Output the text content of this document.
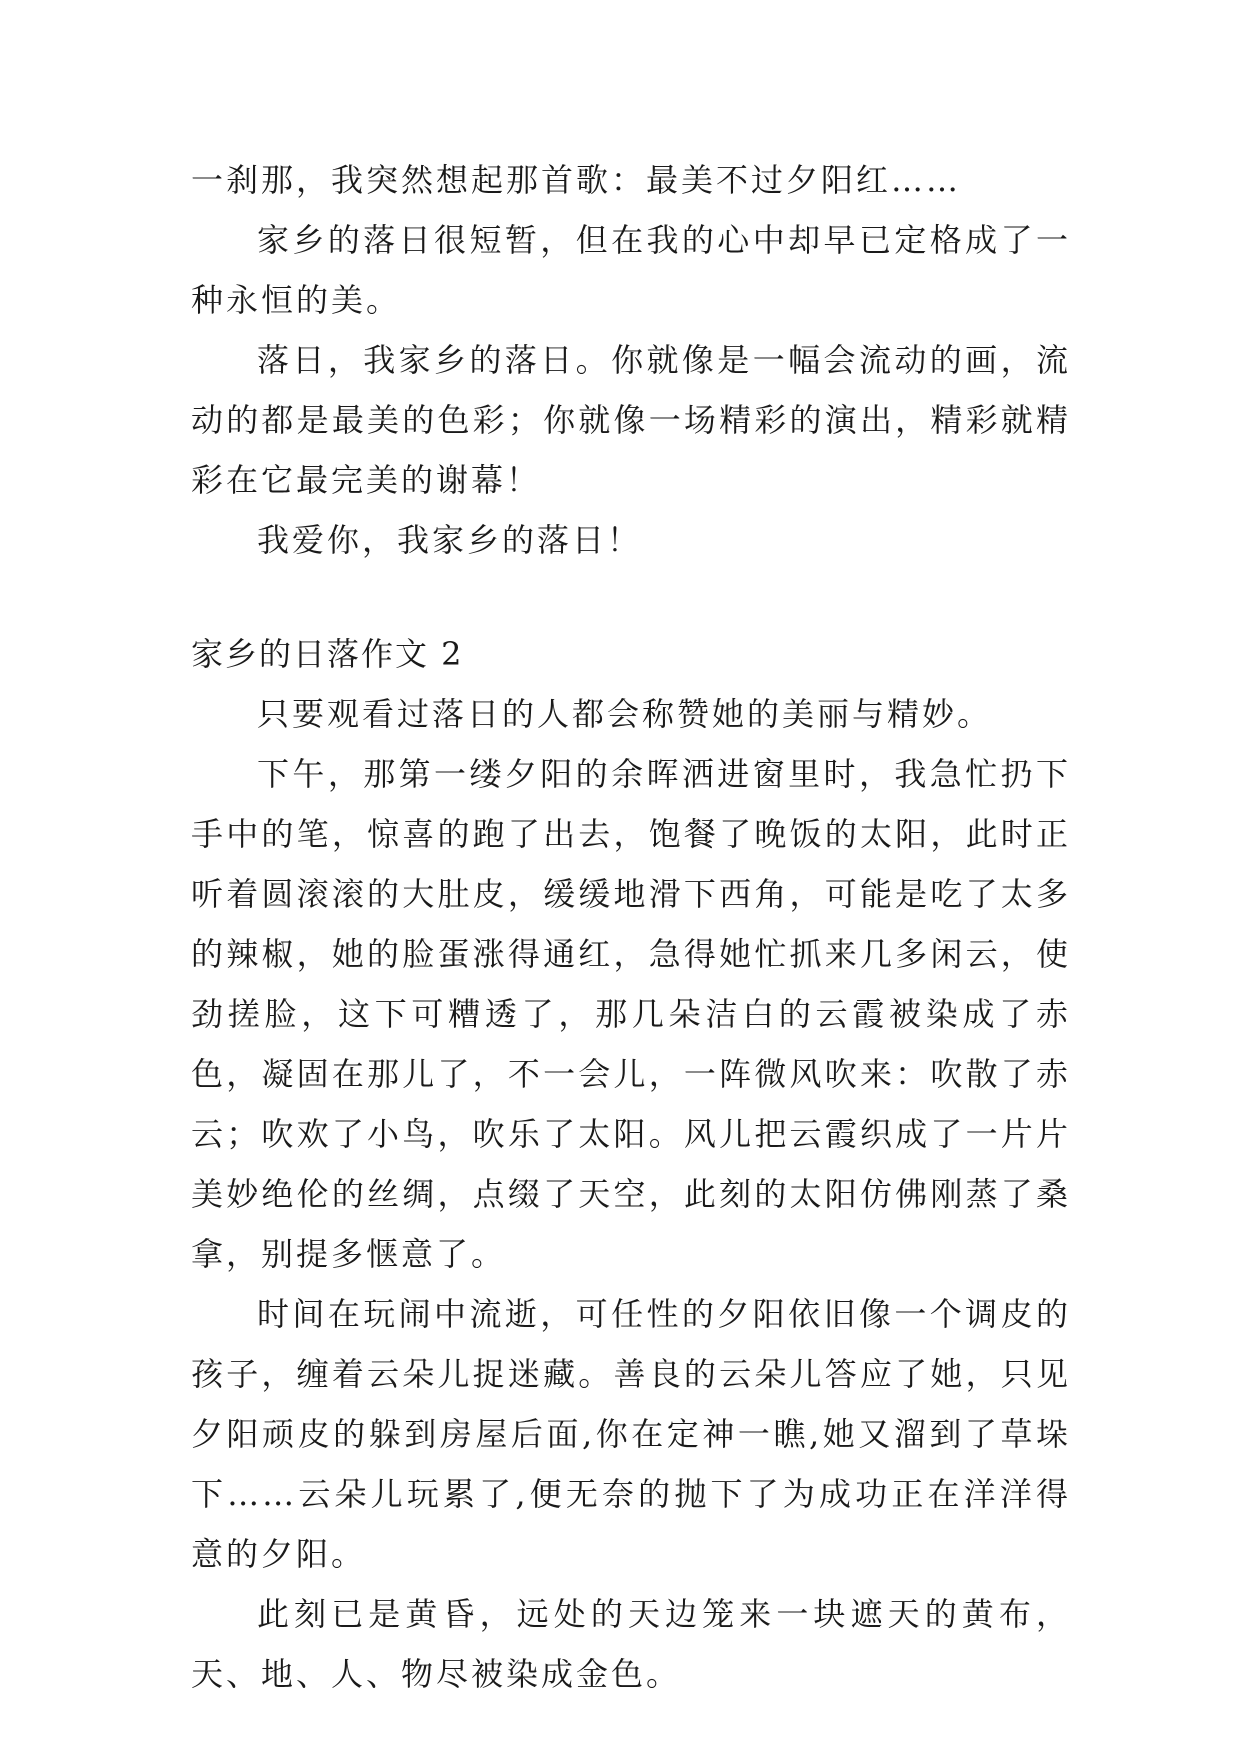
一刹那，我突然想起那首歌：最美不过夕阳红……

家乡的落日很短暂，但在我的心中却早已定格成了一种永恒的美。

落日，我家乡的落日。你就像是一幅会流动的画，流动的都是最美的色彩；你就像一场精彩的演出，精彩就精彩在它最完美的谢幕！

我爱你，我家乡的落日！

家乡的日落作文 2

只要观看过落日的人都会称赞她的美丽与精妙。

下午，那第一缕夕阳的余晖洒进窗里时，我急忙扔下手中的笔，惊喜的跑了出去，饱餐了晚饭的太阳，此时正听着圆滚滚的大肚皮，缓缓地滑下西角，可能是吃了太多的辣椒，她的脸蛋涨得通红，急得她忙抓来几多闲云，使劲搓脸，这下可糟透了，那几朵洁白的云霞被染成了赤色，凝固在那儿了，不一会儿，一阵微风吹来：吹散了赤云；吹欢了小鸟，吹乐了太阳。风儿把云霞织成了一片片美妙绝伦的丝绸，点缀了天空，此刻的太阳仿佛刚蒸了桑拿，别提多惬意了。

时间在玩闹中流逝，可任性的夕阳依旧像一个调皮的孩子，缠着云朵儿捉迷藏。善良的云朵儿答应了她，只见夕阳顽皮的躲到房屋后面,你在定神一瞧,她又溜到了草垛下……云朵儿玩累了,便无奈的抛下了为成功正在洋洋得意的夕阳。

此刻已是黄昏，远处的天边笼来一块遮天的黄布，天、地、人、物尽被染成金色。
